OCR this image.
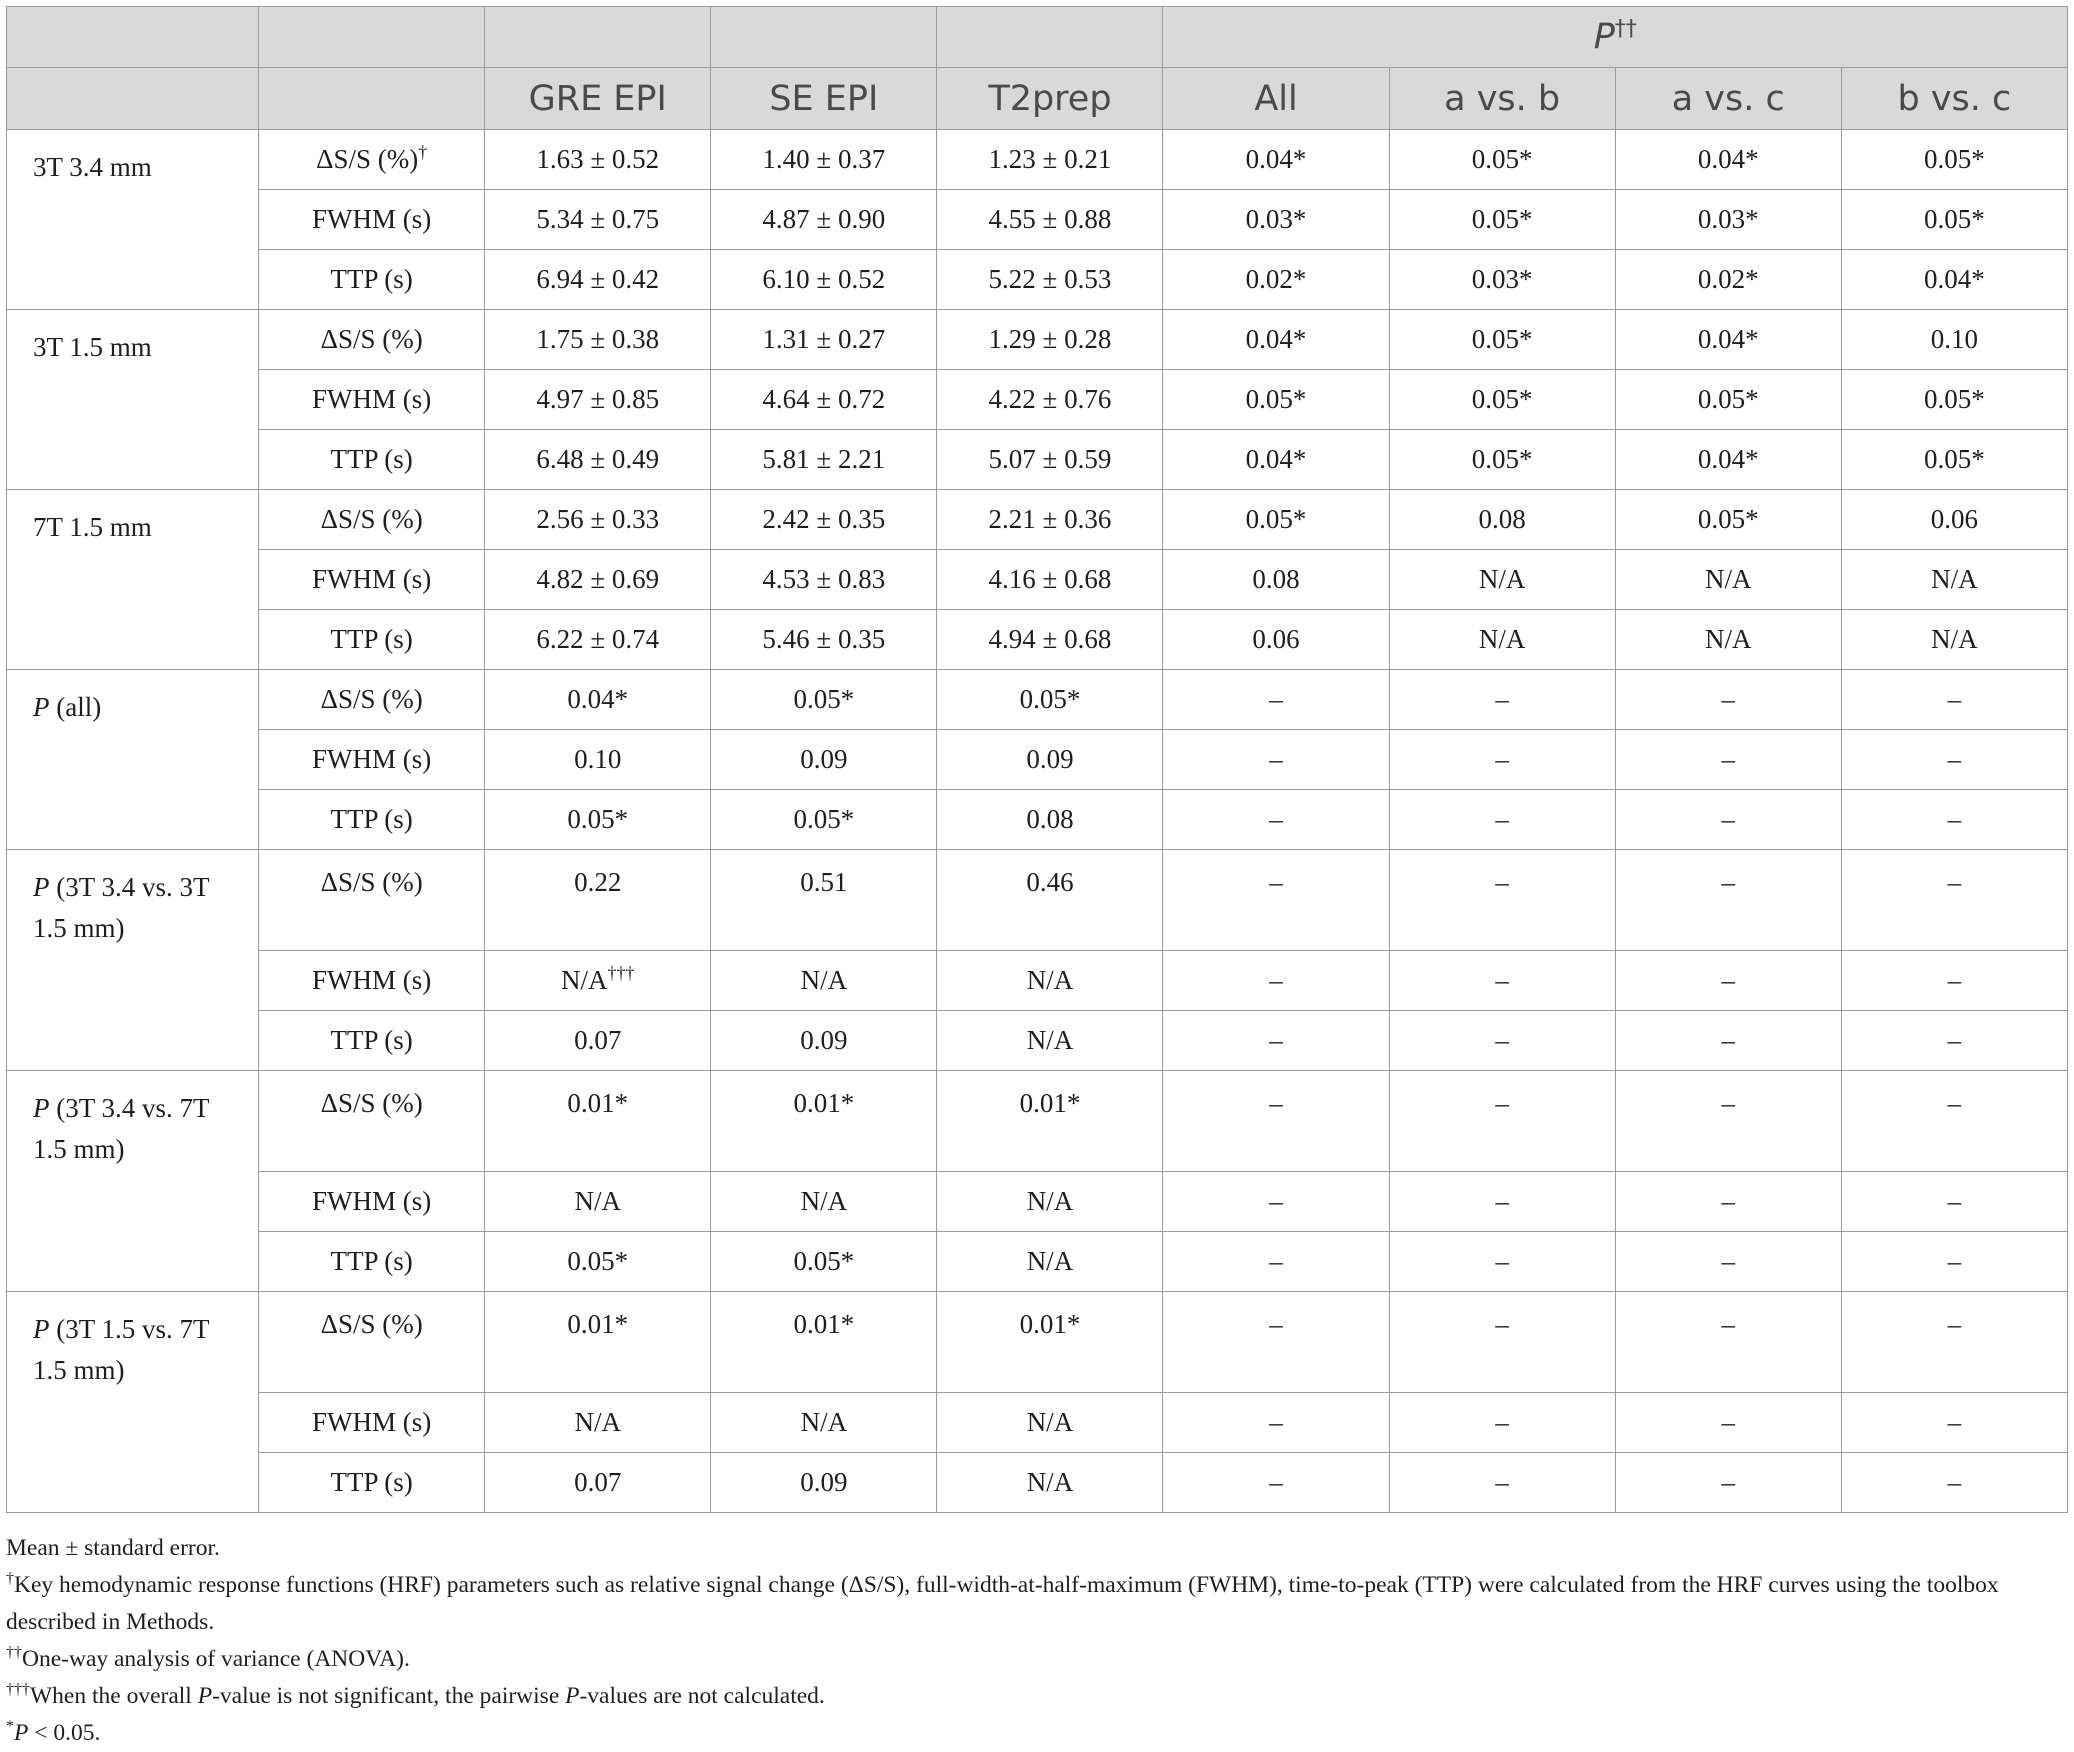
					P††
		GRE EPI	SE EPI	T2prep	All	a vs. b	a vs. c	b vs. c
3T 3.4 mm	ΔS/S (%)†	1.63 ± 0.52	1.40 ± 0.37	1.23 ± 0.21	0.04*	0.05*	0.04*	0.05*
	FWHM (s)	5.34 ± 0.75	4.87 ± 0.90	4.55 ± 0.88	0.03*	0.05*	0.03*	0.05*
	TTP (s)	6.94 ± 0.42	6.10 ± 0.52	5.22 ± 0.53	0.02*	0.03*	0.02*	0.04*
3T 1.5 mm	ΔS/S (%)	1.75 ± 0.38	1.31 ± 0.27	1.29 ± 0.28	0.04*	0.05*	0.04*	0.10
	FWHM (s)	4.97 ± 0.85	4.64 ± 0.72	4.22 ± 0.76	0.05*	0.05*	0.05*	0.05*
	TTP (s)	6.48 ± 0.49	5.81 ± 2.21	5.07 ± 0.59	0.04*	0.05*	0.04*	0.05*
7T 1.5 mm	ΔS/S (%)	2.56 ± 0.33	2.42 ± 0.35	2.21 ± 0.36	0.05*	0.08	0.05*	0.06
	FWHM (s)	4.82 ± 0.69	4.53 ± 0.83	4.16 ± 0.68	0.08	N/A	N/A	N/A
	TTP (s)	6.22 ± 0.74	5.46 ± 0.35	4.94 ± 0.68	0.06	N/A	N/A	N/A
P (all)	ΔS/S (%)	0.04*	0.05*	0.05*	–	–	–	–
	FWHM (s)	0.10	0.09	0.09	–	–	–	–
	TTP (s)	0.05*	0.05*	0.08	–	–	–	–
P (3T 3.4 vs. 3T 1.5 mm)	ΔS/S (%)	0.22	0.51	0.46	–	–	–	–
	FWHM (s)	N/A†††	N/A	N/A	–	–	–	–
	TTP (s)	0.07	0.09	N/A	–	–	–	–
P (3T 3.4 vs. 7T 1.5 mm)	ΔS/S (%)	0.01*	0.01*	0.01*	–	–	–	–
	FWHM (s)	N/A	N/A	N/A	–	–	–	–
	TTP (s)	0.05*	0.05*	N/A	–	–	–	–
P (3T 1.5 vs. 7T 1.5 mm)	ΔS/S (%)	0.01*	0.01*	0.01*	–	–	–	–
	FWHM (s)	N/A	N/A	N/A	–	–	–	–
	TTP (s)	0.07	0.09	N/A	–	–	–	–

Mean ± standard error.

†Key hemodynamic response functions (HRF) parameters such as relative signal change (ΔS/S), full-width-at-half-maximum (FWHM), time-to-peak (TTP) were calculated from the HRF curves using the toolbox described in Methods.

††One-way analysis of variance (ANOVA).

†††When the overall P-value is not significant, the pairwise P-values are not calculated.

*P < 0.05.
